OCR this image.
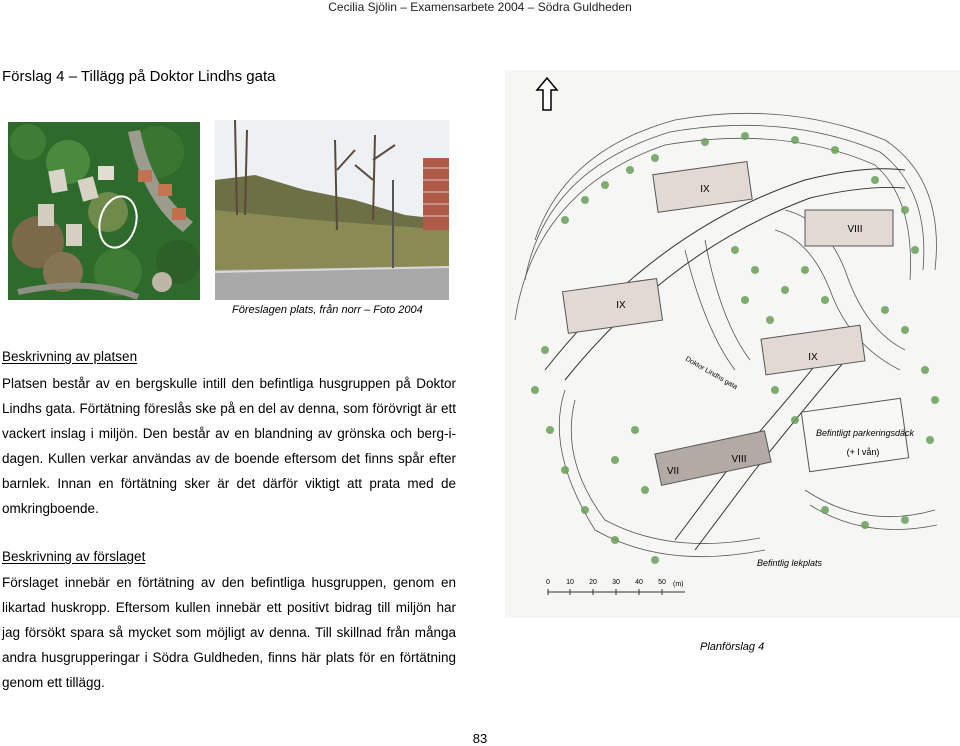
Cecilia Sjölin – Examensarbete 2004 – Södra Guldheden
Förslag 4 – Tillägg på Doktor Lindhs gata
Föreslagen plats, från norr – Foto 2004
Beskrivning av platsen
Platsen består av en bergskulle intill den befintliga husgruppen på Doktor Lindhs gata. Förtätning föreslås ske på en del av denna, som förövrigt är ett vackert inslag i miljön. Den består av en blandning av grönska och berg-i-dagen. Kullen verkar användas av de boende eftersom det finns spår efter barnlek. Innan en förtätning sker är det därför viktigt att prata med de omkringboende.
Beskrivning av förslaget
Förslaget innebär en förtätning av den befintliga husgruppen, genom en likartad huskropp. Eftersom kullen innebär ett positivt bidrag till miljön har jag försökt spara så mycket som möjligt av denna. Till skillnad från många andra husgrupperingar i Södra Guldheden, finns här plats för en förtätning genom ett tillägg.
IX
VIII
IX
IX
VII
VIII
Doktor Lindhs gata
Befintligt parkeringsdäck
(+ l vån)
Befintlig lekplats
0 10 20 30 40 50 (m)
Planförslag 4
83
